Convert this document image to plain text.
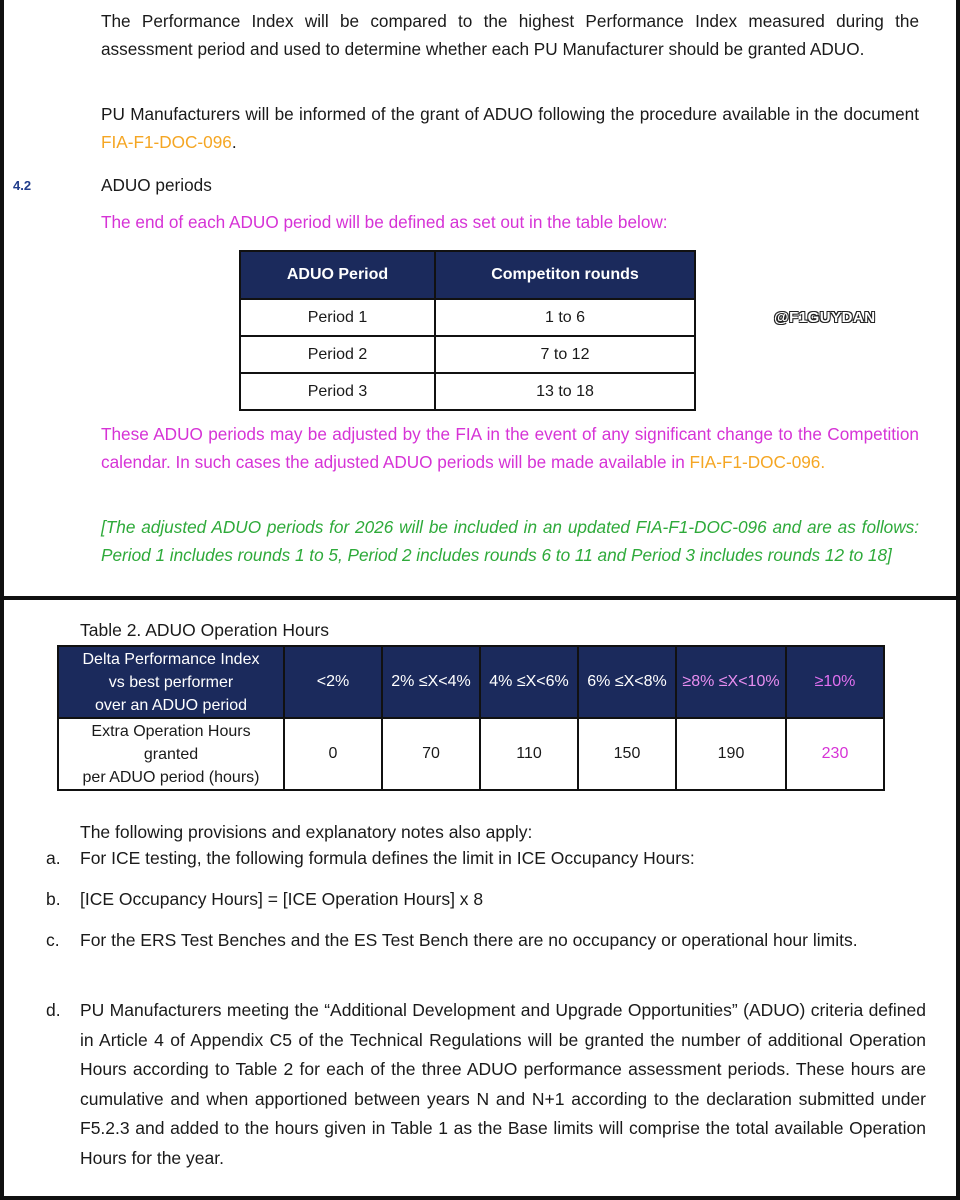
The Performance Index will be compared to the highest Performance Index measured during the assessment period and used to determine whether each PU Manufacturer should be granted ADUO.

PU Manufacturers will be informed of the grant of ADUO following the procedure available in the document FIA-F1-DOC-096.

4.2	ADUO periods
The end of each ADUO period will be defined as set out in the table below:
ADUO Period	Competiton rounds
Period 1	1 to 6
Period 2	7 to 12
Period 3	13 to 18
@F1GUYDAN

These ADUO periods may be adjusted by the FIA in the event of any significant change to the Competition calendar. In such cases the adjusted ADUO periods will be made available in FIA-F1-DOC-096.

[The adjusted ADUO periods for 2026 will be included in an updated FIA-F1-DOC-096 and are as follows: Period 1 includes rounds 1 to 5, Period 2 includes rounds 6 to 11 and Period 3 includes rounds 12 to 18]

Table 2. ADUO Operation Hours
Delta Performance Index
vs best performer
over an ADUO period	<2%	2% ≤X<4%	4% ≤X<6%	6% ≤X<8%	≥8% ≤X<10%	≥10%
Extra Operation Hours
granted
per ADUO period (hours)	0	70	110	150	190	230
The following provisions and explanatory notes also apply:
a.	For ICE testing, the following formula defines the limit in ICE Occupancy Hours:
b.	[ICE Occupancy Hours] = [ICE Operation Hours] x 8
c.	For the ERS Test Benches and the ES Test Bench there are no occupancy or operational hour limits.
d.	PU Manufacturers meeting the “Additional Development and Upgrade Opportunities” (ADUO) criteria defined in Article 4 of Appendix C5 of the Technical Regulations will be granted the number of additional Operation Hours according to Table 2 for each of the three ADUO performance assessment periods. These hours are cumulative and when apportioned between years N and N+1 according to the declaration submitted under F5.2.3 and added to the hours given in Table 1 as the Base limits will comprise the total available Operation Hours for the year.
